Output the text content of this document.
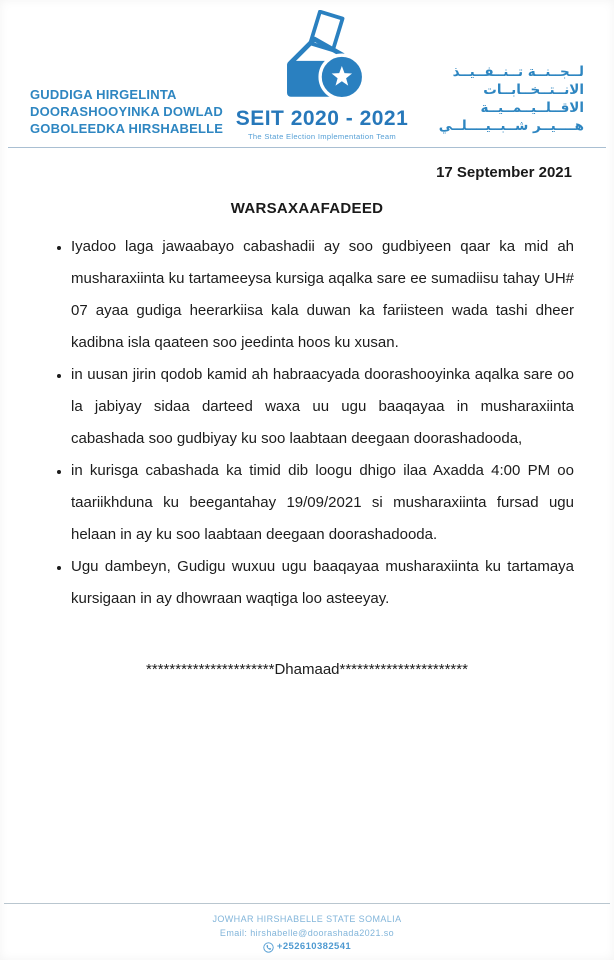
GUDDIGA HIRGELINTA
DOORASHOOYINKA DOWLAD
GOBOLEEDKA HIRSHABELLE SEIT 2020 - 2021
The State Election Implementation Team
لــجــنــة تــنــفــيــذ
الانــتــخــابــات الاقــلــيــمــيــة
هــــيــر شــبــيــــلــي
17 September 2021
WARSAXAAFADEED
• Iyadoo laga jawaabayo cabashadii ay soo gudbiyeen qaar ka mid ah musharaxiinta ku tartameeysa kursiga aqalka sare ee sumadiisu tahay UH# 07 ayaa gudiga heerarkiisa kala duwan ka fariisteen wada tashi dheer kadibna isla qaateen soo jeedinta hoos ku xusan.
• in uusan jirin qodob kamid ah habraacyada doorashooyinka aqalka sare oo la jabiyay sidaa darteed waxa uu ugu baaqayaa in musharaxiinta cabashada soo gudbiyay ku soo laabtaan deegaan doorashadooda,
• in kurisga cabashada ka timid dib loogu dhigo ilaa Axadda 4:00 PM oo taariikhduna ku beegantahay 19/09/2021 si musharaxiinta fursad ugu helaan in ay ku soo laabtaan deegaan doorashadooda.
• Ugu dambeyn, Gudigu wuxuu ugu baaqayaa musharaxiinta ku tartamaya kursigaan in ay dhowraan waqtiga loo asteeyay.
**********************Dhamaad**********************
JOWHAR HIRSHABELLE STATE SOMALIA
Email: hirshabelle@doorashada2021.so
+252610382541
